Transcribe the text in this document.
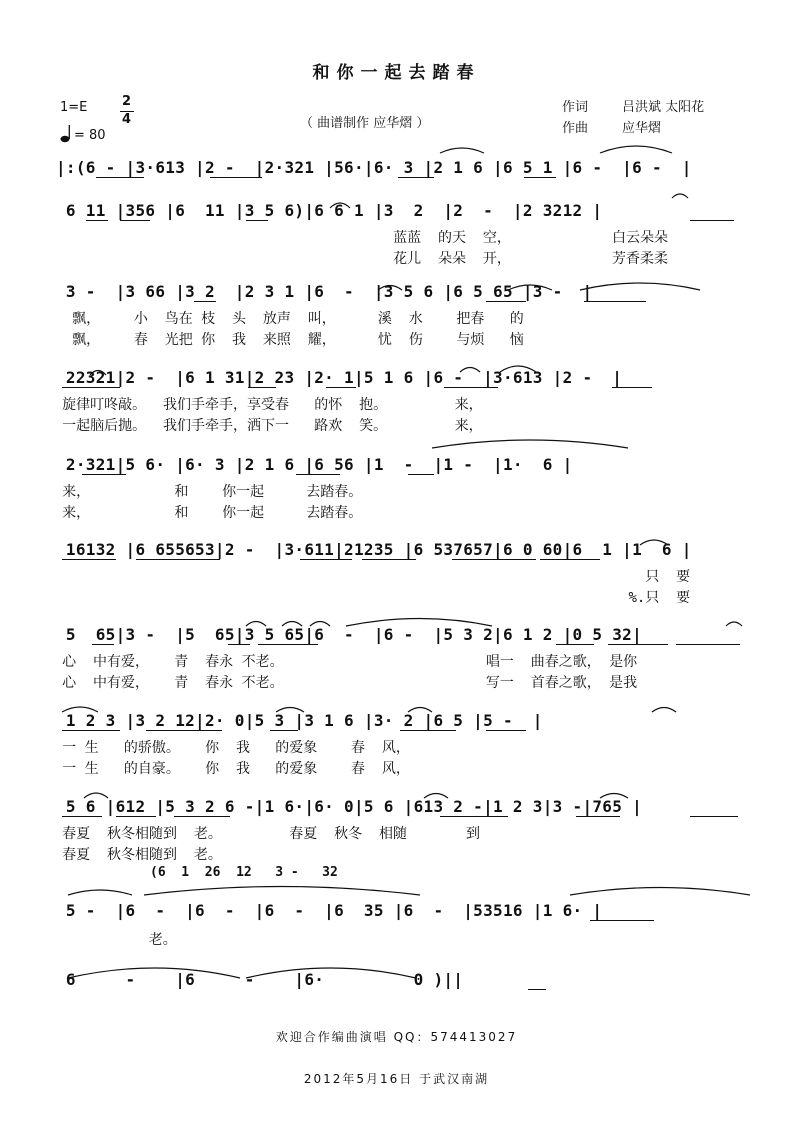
和你一起去踏春
1=E	2
4
= 80
（ 曲谱制作 应华熠 ）
作词	吕洪斌 太阳花
作曲	应华熠
|:(6 - |3·613 |2 -  |2·321 |56·|6· 3 |2 1 6 |6 5 1 |6 -  |6 -  |
6 11 |356 |6  11 |3 5 6)|6 6 1 |3  2  |2  -  |2 3212 |
蓝蓝  的天  空，            白云朵朵
花儿  朵朵  开，            芳香柔柔
3 -  |3 66 |3 2  |2 3 1 |6  -  |3 5 6 |6 5 65 |3 -  |
飘，    小  鸟在 枝  头  放声  叫，     溪  水    把春   的
飘，    春  光把 你  我  来照  耀，     忧  伤    与烦   恼
22321|2 -  |6 1 31|2 23 |2· 1|5 1 6 |6 -  |3·613 |2 -  |
旋律叮咚敲。  我们手牵手，享受春   的怀  抱。        来，
一起脑后抛。  我们手牵手，洒下一   路欢  笑。        来，
2·321|5 6· |6· 3 |2 1 6 |6 56 |1  -  |1 -  |1·  6 |
来，          和    你一起     去踏春。
来，          和    你一起     去踏春。
16132 |6 655653|2 -  |3·611|21235 |6 537657|6 0 60|6  1 |1  6 |
只  要
%.只  要
5  65|3 -  |5  65|3 5 65|6  -  |6 -  |5 3 2|6 1 2 |0 5 32|
心  中有爱，   青  春永 不老。                        唱一  曲春之歌， 是你
心  中有爱，   青  春永 不老。                        写一  首春之歌， 是我
1 2 3 |3 2 12|2· 0|5 3 |3 1 6 |3· 2 |6 5 |5 -  |
一 生   的骄傲。   你  我   的爱象    春  风，
一 生   的自豪。   你  我   的爱象    春  风，
5 6 |612 |5 3 2 6 -|1 6·|6· 0|5 6 |613 2 -|1 2 3|3 -|765 |
春夏  秋冬相随到  老。        春夏  秋冬  相随       到
春夏  秋冬相随到  老。
(6  1  26  12   3 -   32
5 -  |6  -  |6  -  |6  -  |6  35 |6  -  |53516 |1 6· |
老。
6     -    |6     -    |6·         0 )||
欢迎合作编曲演唱 QQ：574413027
2012年5月16日 于武汉南湖
